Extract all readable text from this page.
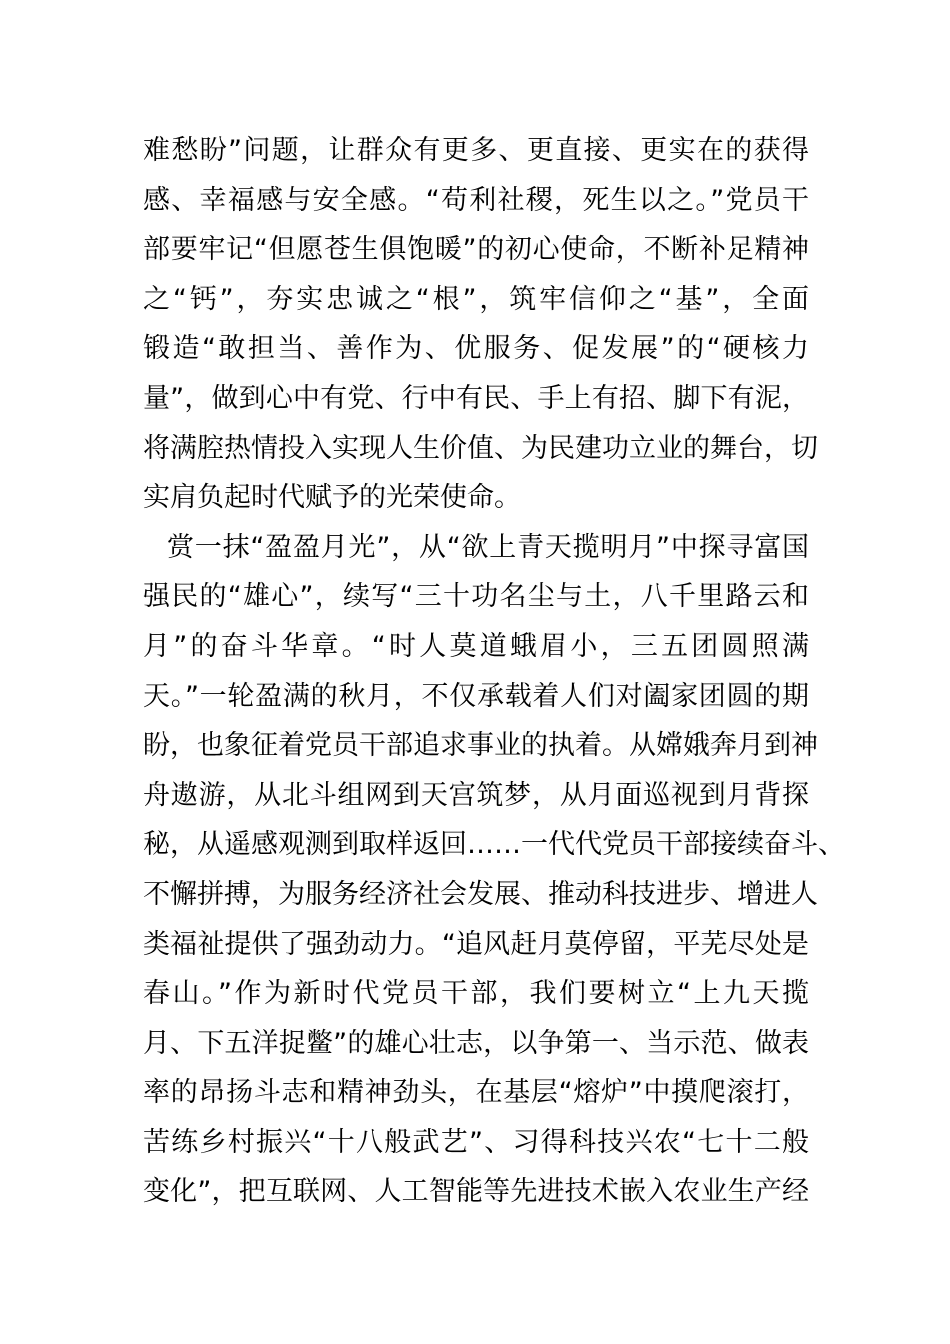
难愁盼”问题，让群众有更多、更直接、更实在的获得
感、幸福感与安全感。“苟利社稷，死生以之。”党员干
部要牢记“但愿苍生俱饱暖”的初心使命，不断补足精神
之“钙”，夯实忠诚之“根”，筑牢信仰之“基”，全面
锻造“敢担当、善作为、优服务、促发展”的“硬核力
量”，做到心中有党、行中有民、手上有招、脚下有泥，
将满腔热情投入实现人生价值、为民建功立业的舞台，切
实肩负起时代赋予的光荣使命。
赏一抹“盈盈月光”，从“欲上青天揽明月”中探寻富国
强民的“雄心”，续写“三十功名尘与土，八千里路云和
月”的奋斗华章。“时人莫道蛾眉小，三五团圆照满
天。”一轮盈满的秋月，不仅承载着人们对阖家团圆的期
盼，也象征着党员干部追求事业的执着。从嫦娥奔月到神
舟遨游，从北斗组网到天宫筑梦，从月面巡视到月背探
秘，从遥感观测到取样返回……一代代党员干部接续奋斗、
不懈拼搏，为服务经济社会发展、推动科技进步、增进人
类福祉提供了强劲动力。“追风赶月莫停留，平芜尽处是
春山。”作为新时代党员干部，我们要树立“上九天揽
月、下五洋捉鳖”的雄心壮志，以争第一、当示范、做表
率的昂扬斗志和精神劲头，在基层“熔炉”中摸爬滚打，
苦练乡村振兴“十八般武艺”、习得科技兴农“七十二般
变化”，把互联网、人工智能等先进技术嵌入农业生产经
